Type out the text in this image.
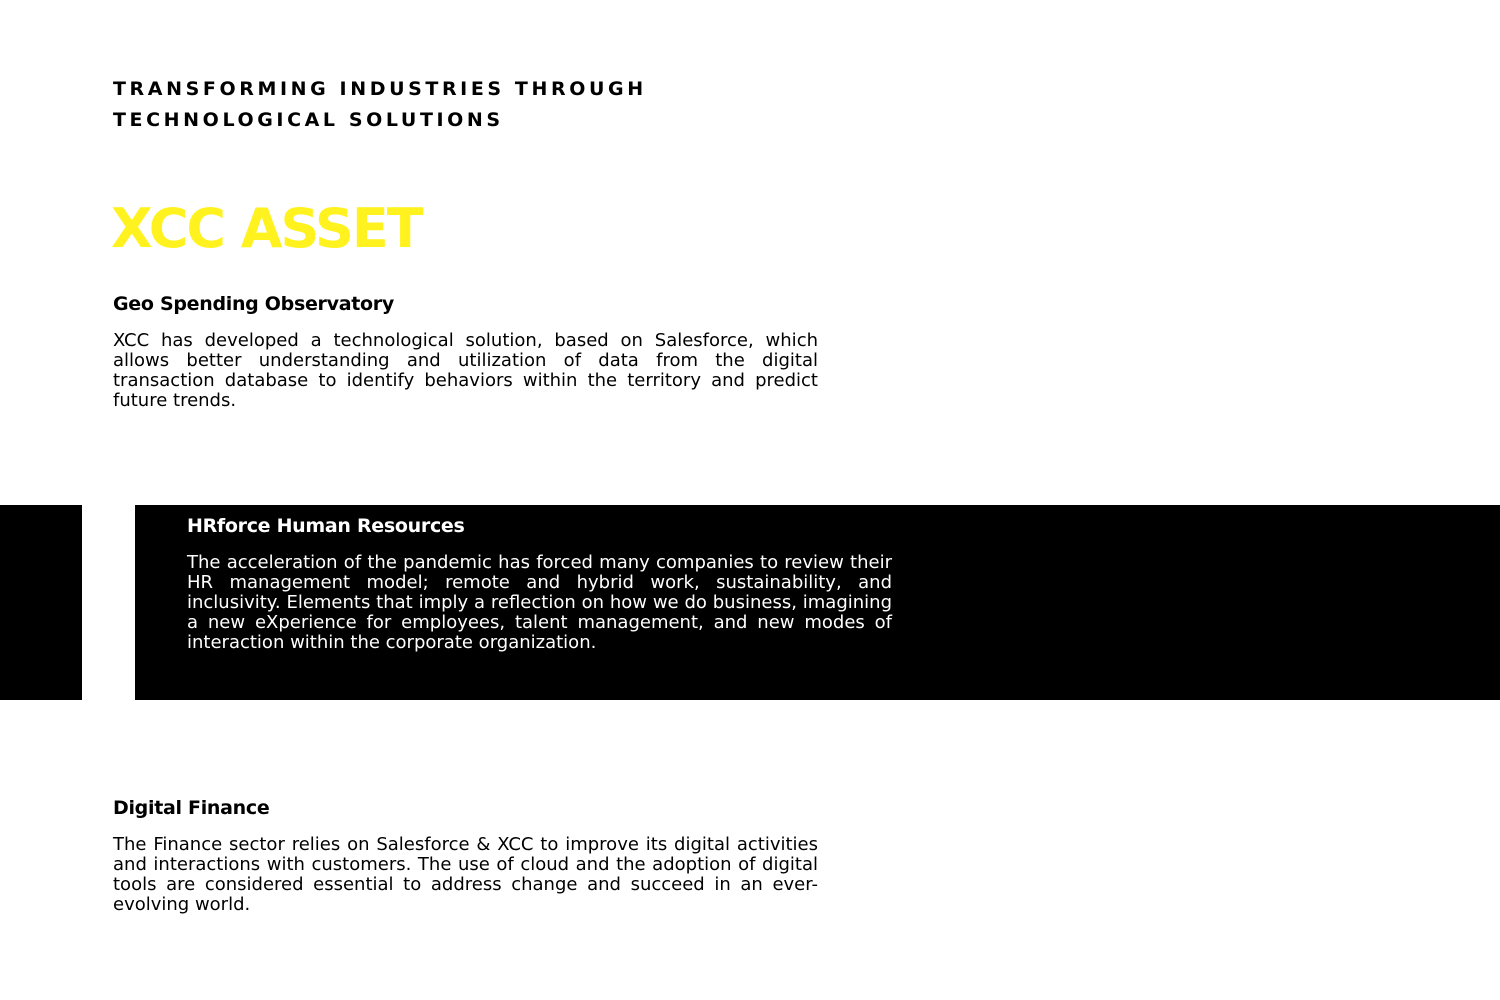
TRANSFORMING INDUSTRIES THROUGH
TECHNOLOGICAL SOLUTIONS
XCC ASSET
Geo Spending Observatory

XCC has developed a technological solution, based on Salesforce, which allows better understanding and utilization of data from the digital transaction database to identify behaviors within the territory and predict future trends.

HRforce Human Resources

The acceleration of the pandemic has forced many companies to review their HR management model; remote and hybrid work, sustainability, and inclusivity. Elements that imply a reflection on how we do business, imagining a new eXperience for employees, talent management, and new modes of interaction within the corporate organization.

Digital Finance

The Finance sector relies on Salesforce & XCC to improve its digital activities and interactions with customers. The use of cloud and the adoption of digital tools are considered essential to address change and succeed in an ever-evolving world.
